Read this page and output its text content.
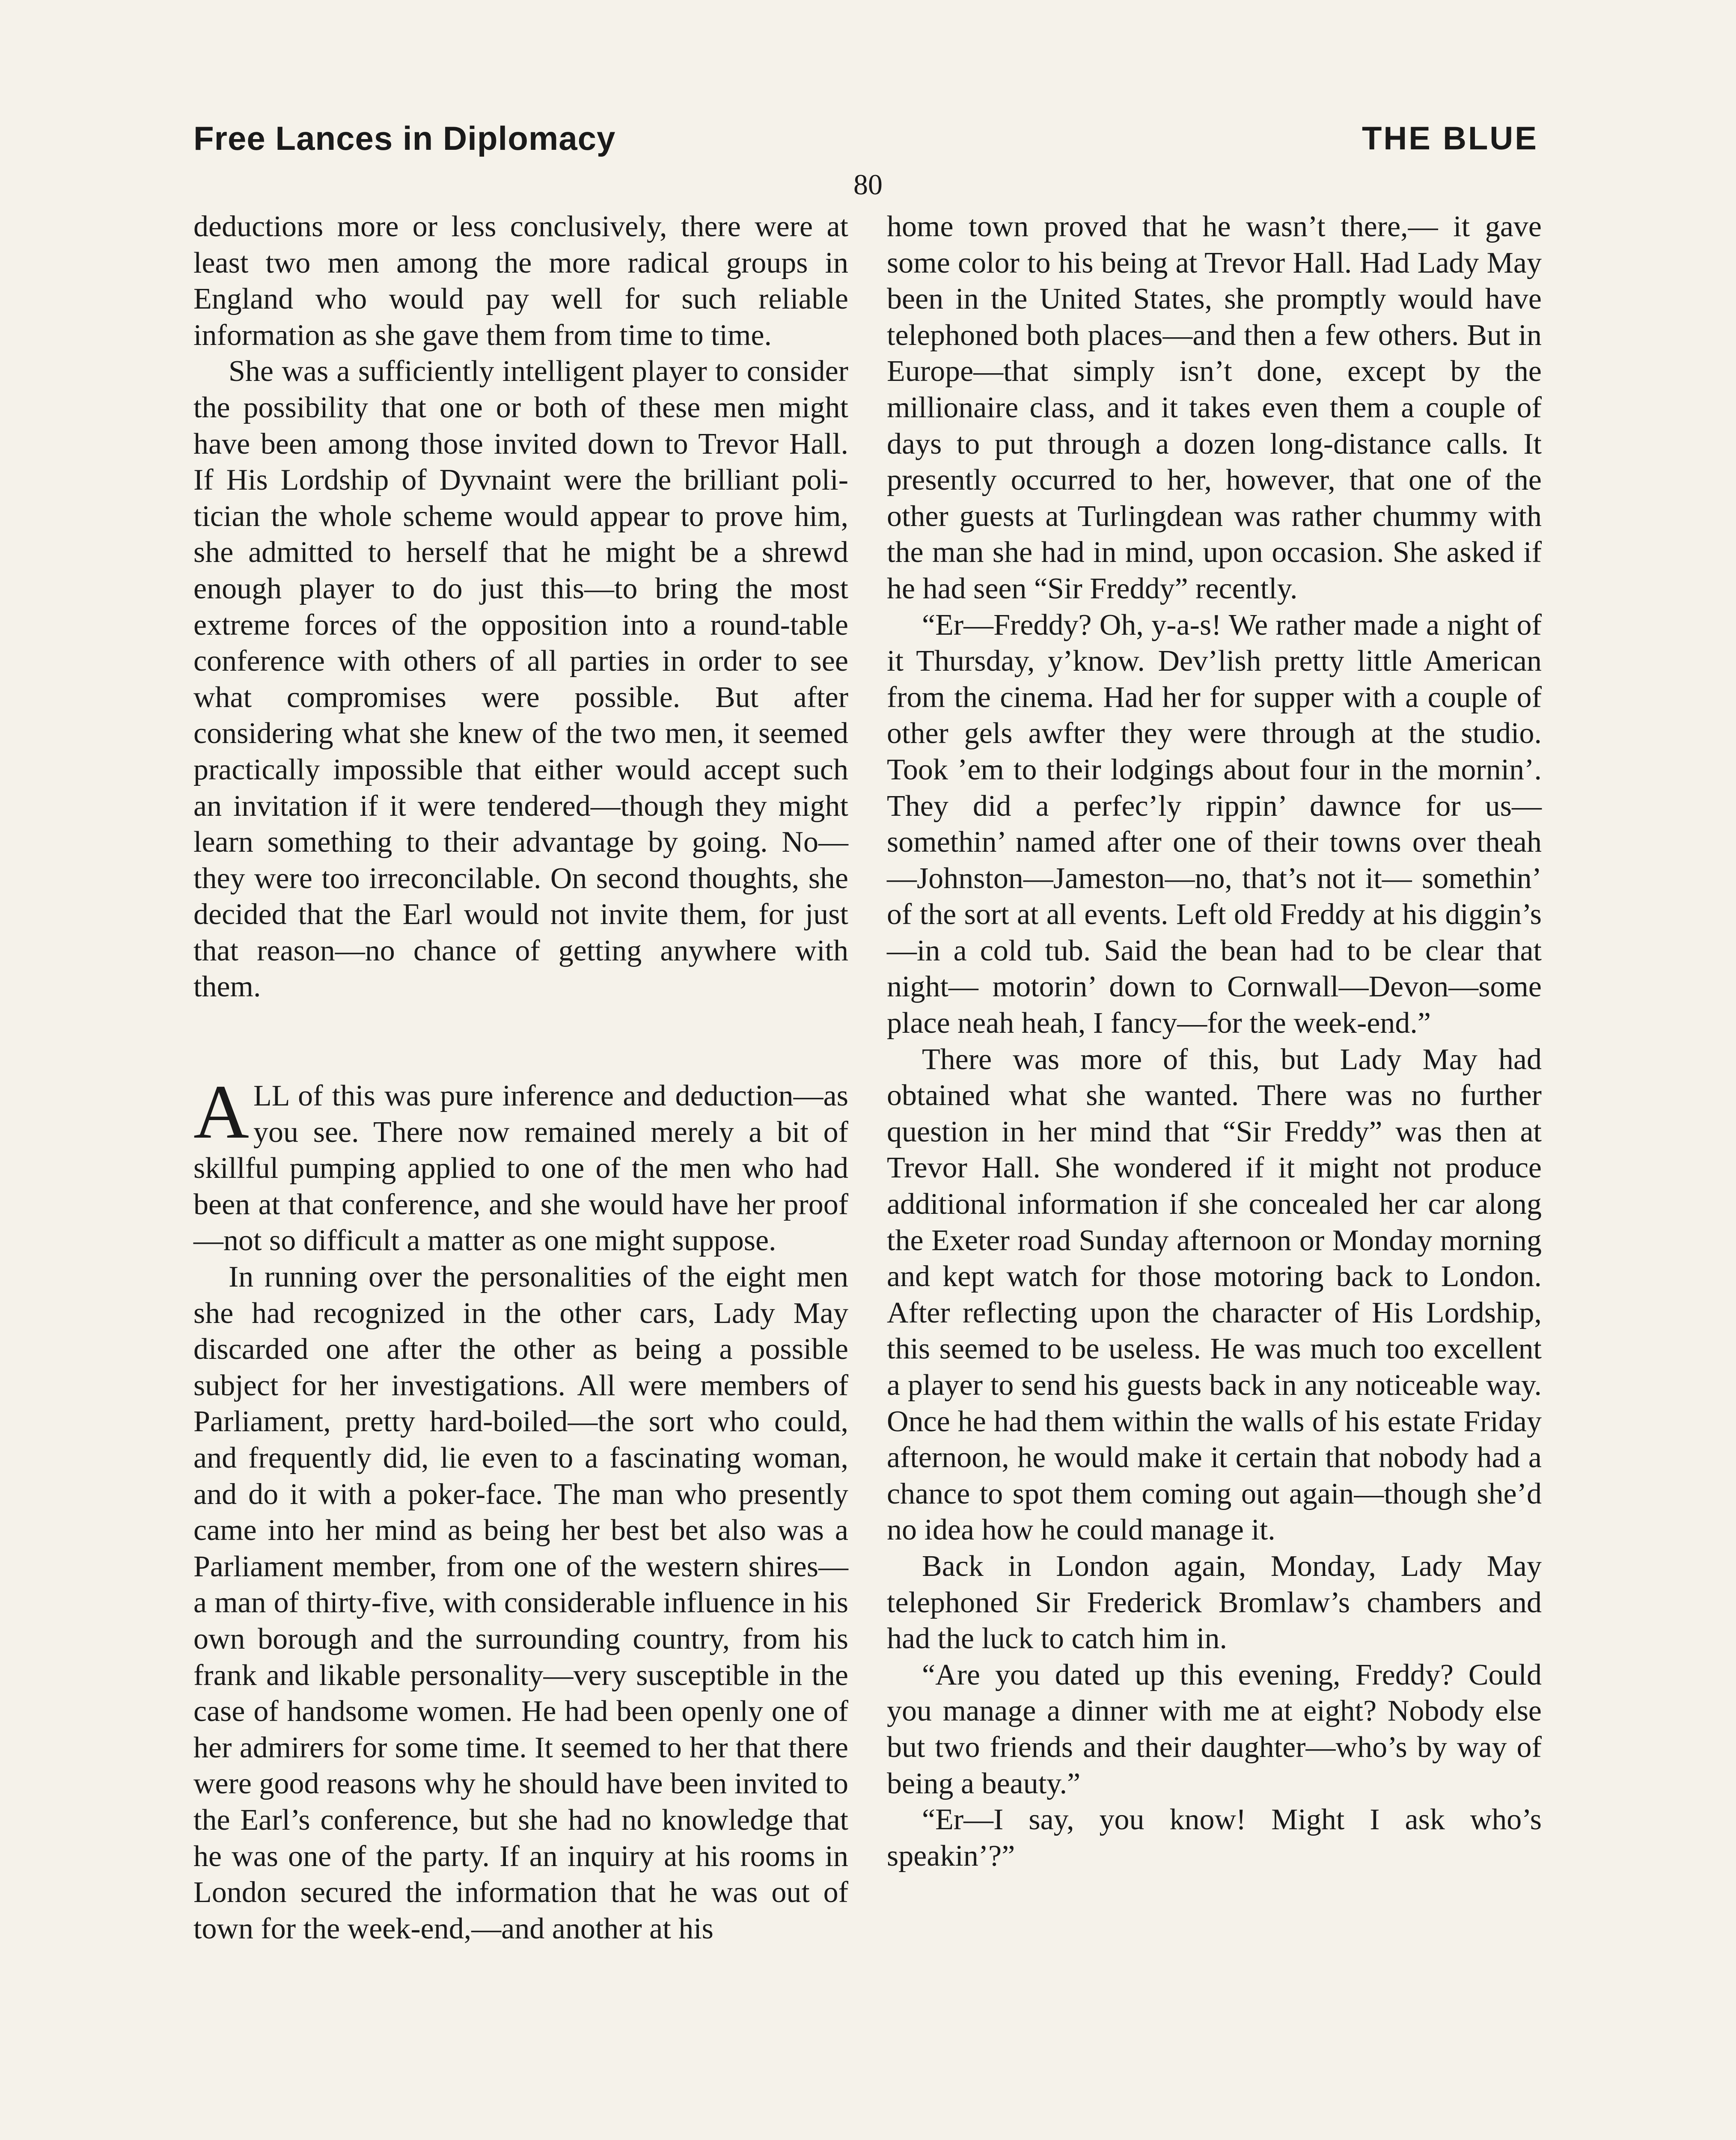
Free Lances in Diplomacy	THE BLUE
80

deductions more or less conclusively, there were at least two men among the more radical groups in England who would pay well for such reliable information as she gave them from time to time.

She was a sufficiently intelligent player to consider the possibility that one or both of these men might have been among those invited down to Trevor Hall. If His Lordship of Dyvnaint were the brilliant politician the whole scheme would appear to prove him, she admitted to herself that he might be a shrewd enough player to do just this—to bring the most extreme forces of the opposition into a round-table conference with others of all parties in order to see what compromises were possible. But after considering what she knew of the two men, it seemed practically impossible that either would accept such an invitation if it were tendered—though they might learn something to their advantage by going. No—they were too irreconcilable. On second thoughts, she decided that the Earl would not invite them, for just that reason—no chance of getting anywhere with them.

ALL of this was pure inference and deduction—as you see. There now remained merely a bit of skillful pumping applied to one of the men who had been at that conference, and she would have her proof—not so difficult a matter as one might suppose.

In running over the personalities of the eight men she had recognized in the other cars, Lady May discarded one after the other as being a possible subject for her investigations. All were members of Parliament, pretty hard-boiled—the sort who could, and frequently did, lie even to a fascinating woman, and do it with a poker-face. The man who presently came into her mind as being her best bet also was a Parliament member, from one of the western shires—a man of thirty-five, with considerable influence in his own borough and the surrounding country, from his frank and likable personality—very susceptible in the case of handsome women. He had been openly one of her admirers for some time. It seemed to her that there were good reasons why he should have been invited to the Earl’s conference, but she had no knowledge that he was one of the party. If an inquiry at his rooms in London secured the information that he was out of town for the week-end,—and another at his

home town proved that he wasn’t there,— it gave some color to his being at Trevor Hall. Had Lady May been in the United States, she promptly would have telephoned both places—and then a few others. But in Europe—that simply isn’t done, except by the millionaire class, and it takes even them a couple of days to put through a dozen long-distance calls. It presently occurred to her, however, that one of the other guests at Turlingdean was rather chummy with the man she had in mind, upon occasion. She asked if he had seen “Sir Freddy” recently.

“Er—Freddy? Oh, y-a-s! We rather made a night of it Thursday, y’know. Dev’lish pretty little American from the cinema. Had her for supper with a couple of other gels awfter they were through at the studio. Took ’em to their lodgings about four in the mornin’. They did a perfec’ly rippin’ dawnce for us—somethin’ named after one of their towns over theah —Johnston—Jameston—no, that’s not it— somethin’ of the sort at all events. Left old Freddy at his diggin’s—in a cold tub. Said the bean had to be clear that night— motorin’ down to Cornwall—Devon—some place neah heah, I fancy—for the week-end.”

There was more of this, but Lady May had obtained what she wanted. There was no further question in her mind that “Sir Freddy” was then at Trevor Hall. She wondered if it might not produce additional information if she concealed her car along the Exeter road Sunday afternoon or Monday morning and kept watch for those motoring back to London. After reflecting upon the character of His Lordship, this seemed to be useless. He was much too excellent a player to send his guests back in any noticeable way. Once he had them within the walls of his estate Friday afternoon, he would make it certain that nobody had a chance to spot them coming out again—though she’d no idea how he could manage it.

Back in London again, Monday, Lady May telephoned Sir Frederick Bromlaw’s chambers and had the luck to catch him in.

“Are you dated up this evening, Freddy? Could you manage a dinner with me at eight? Nobody else but two friends and their daughter—who’s by way of being a beauty.”

“Er—I say, you know! Might I ask who’s speakin’?”
